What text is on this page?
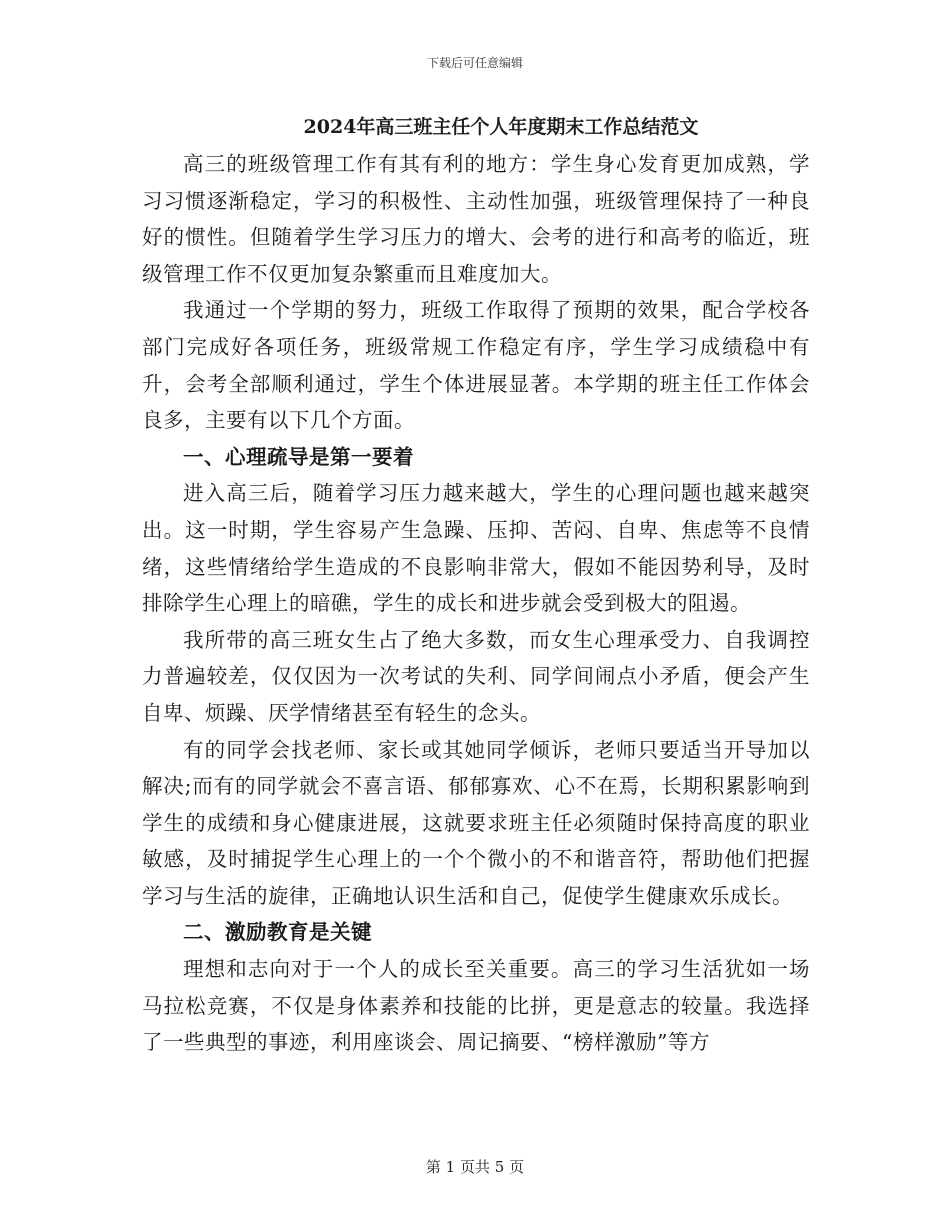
下载后可任意编辑
2024年高三班主任个人年度期末工作总结范文

高三的班级管理工作有其有利的地方：学生身心发育更加成熟，学习习惯逐渐稳定，学习的积极性、主动性加强，班级管理保持了一种良好的惯性。但随着学生学习压力的增大、会考的进行和高考的临近，班级管理工作不仅更加复杂繁重而且难度加大。

我通过一个学期的努力，班级工作取得了预期的效果，配合学校各部门完成好各项任务，班级常规工作稳定有序，学生学习成绩稳中有升，会考全部顺利通过，学生个体进展显著。本学期的班主任工作体会良多，主要有以下几个方面。

一、心理疏导是第一要着

进入高三后，随着学习压力越来越大，学生的心理问题也越来越突出。这一时期，学生容易产生急躁、压抑、苦闷、自卑、焦虑等不良情绪，这些情绪给学生造成的不良影响非常大，假如不能因势利导，及时排除学生心理上的暗礁，学生的成长和进步就会受到极大的阻遏。

我所带的高三班女生占了绝大多数，而女生心理承受力、自我调控力普遍较差，仅仅因为一次考试的失利、同学间闹点小矛盾，便会产生自卑、烦躁、厌学情绪甚至有轻生的念头。

有的同学会找老师、家长或其她同学倾诉，老师只要适当开导加以解决;而有的同学就会不喜言语、郁郁寡欢、心不在焉，长期积累影响到学生的成绩和身心健康进展，这就要求班主任必须随时保持高度的职业敏感，及时捕捉学生心理上的一个个微小的不和谐音符，帮助他们把握学习与生活的旋律，正确地认识生活和自己，促使学生健康欢乐成长。

二、激励教育是关键

理想和志向对于一个人的成长至关重要。高三的学习生活犹如一场马拉松竞赛，不仅是身体素养和技能的比拼，更是意志的较量。我选择了一些典型的事迹，利用座谈会、周记摘要、“榜样激励”等方

第 1 页共 5 页
